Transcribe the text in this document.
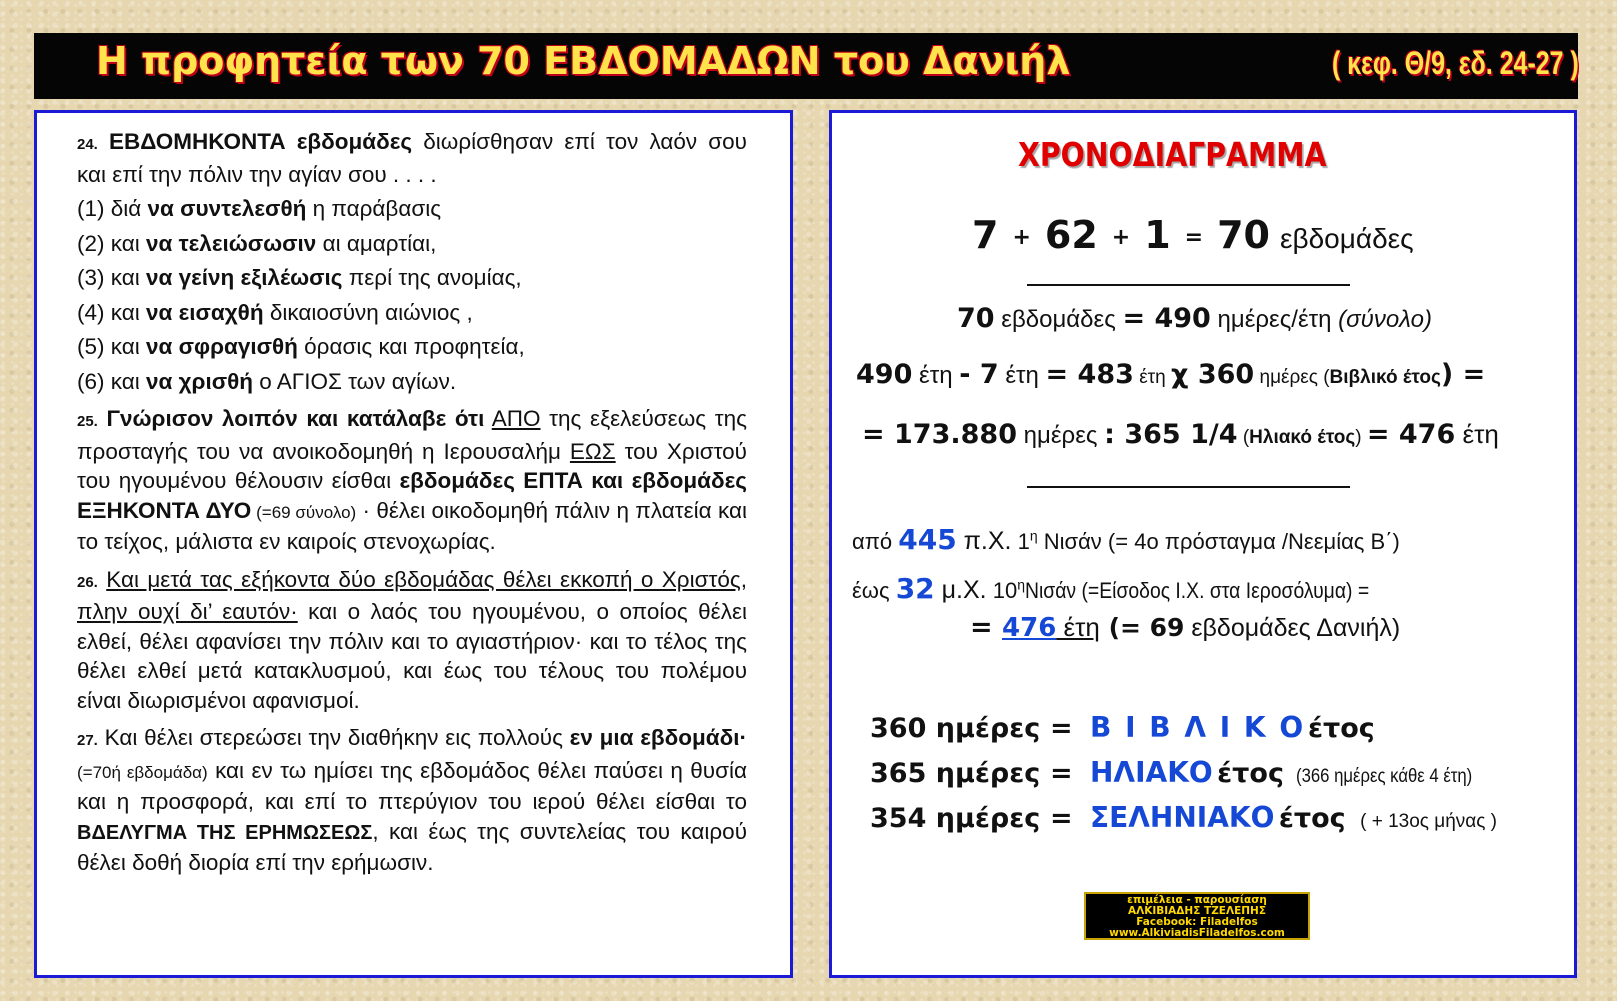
Η προφητεία των 70 ΕΒΔΟΜΑΔΩΝ του Δανιήλ	( κεφ. Θ/9, εδ. 24-27 )

24. ΕΒΔΟΜΗΚΟΝΤΑ εβδομάδες διωρίσθησαν επί τον λαόν σου και επί την πόλιν την αγίαν σου . . . .

(1) διά να συντελεσθή η παράβασις

(2) και να τελειώσωσιν αι αμαρτίαι,

(3) και να γείνη εξιλέωσις περί της ανομίας,

(4) και να εισαχθή δικαιοσύνη αιώνιος ,

(5) και να σφραγισθή όρασις και προφητεία,

(6) και να χρισθή ο ΑΓΙΟΣ των αγίων.

25. Γνώρισον λοιπόν και κατάλαβε ότι ΑΠΟ της εξελεύσεως της προσταγής του να ανοικοδομηθή η Ιερουσαλήμ ΕΩΣ του Χριστού του ηγουμένου θέλουσιν είσθαι εβδομάδες ΕΠΤΑ και εβδομάδες ΕΞΗΚΟΝΤΑ ΔΥΟ (=69 σύνολο) · θέλει οικοδομηθή πάλιν η πλατεία και το τείχος, μάλιστα εν καιροίς στενοχωρίας.

26. Και μετά τας εξήκοντα δύο εβδομάδας θέλει εκκοπή ο Χριστός, πλην ουχί δι’ εαυτόν· και ο λαός του ηγουμένου, ο οποίος θέλει ελθεί, θέλει αφανίσει την πόλιν και το αγιαστήριον· και το τέλος της θέλει ελθεί μετά κατακλυσμού, και έως του τέλους του πολέμου είναι διωρισμένοι αφανισμοί.

27. Και θέλει στερεώσει την διαθήκην εις πολλούς εν μια εβδομάδι· (=70ή εβδομάδα) και εν τω ημίσει της εβδομάδος θέλει παύσει η θυσία και η προσφορά, και επί το πτερύγιον του ιερού θέλει είσθαι το ΒΔΕΛΥΓΜΑ ΤΗΣ ΕΡΗΜΩΣΕΩΣ, και έως της συντελείας του καιρού θέλει δοθή διορία επί την ερήμωσιν.

ΧΡΟΝΟΔΙΑΓΡΑΜΜΑ
7 + 62 + 1 = 70 εβδομάδες
70 εβδομάδες = 490 ημέρες/έτη (σύνολο)
490 έτη - 7 έτη = 483 έτη χ 360 ημέρες (Βιβλικό έτος) =
= 173.880 ημέρες : 365 1/4 (Ηλιακό έτος) = 476 έτη
από 445 π.Χ. $1^\eta$ Νισάν (= 4ο πρόσταγμα /Νεεμίας Β΄)
έως 32 μ.Χ. $10^\eta N\iota\sigma ά\nu$ (=Είσοδος Ι.Χ. στα Ιεροσόλυμα) =
= 476 έτη (= 69 εβδομάδες Δανιήλ)
360 ημέρες = Β Ι Β Λ Ι Κ Ο έτος
365 ημέρες = ΗΛΙΑΚΟ έτος (366 ημέρες κάθε 4 έτη)
354 ημέρες = ΣΕΛΗΝΙΑΚΟ έτος ( + 13ος μήνας )
επιμέλεια - παρουσίαση
ΑΛΚΙΒΙΑΔΗΣ ΤΖΕΛΕΠΗΣ
Facebook: Filadelfos
www.AlkiviadisFiladelfos.com
